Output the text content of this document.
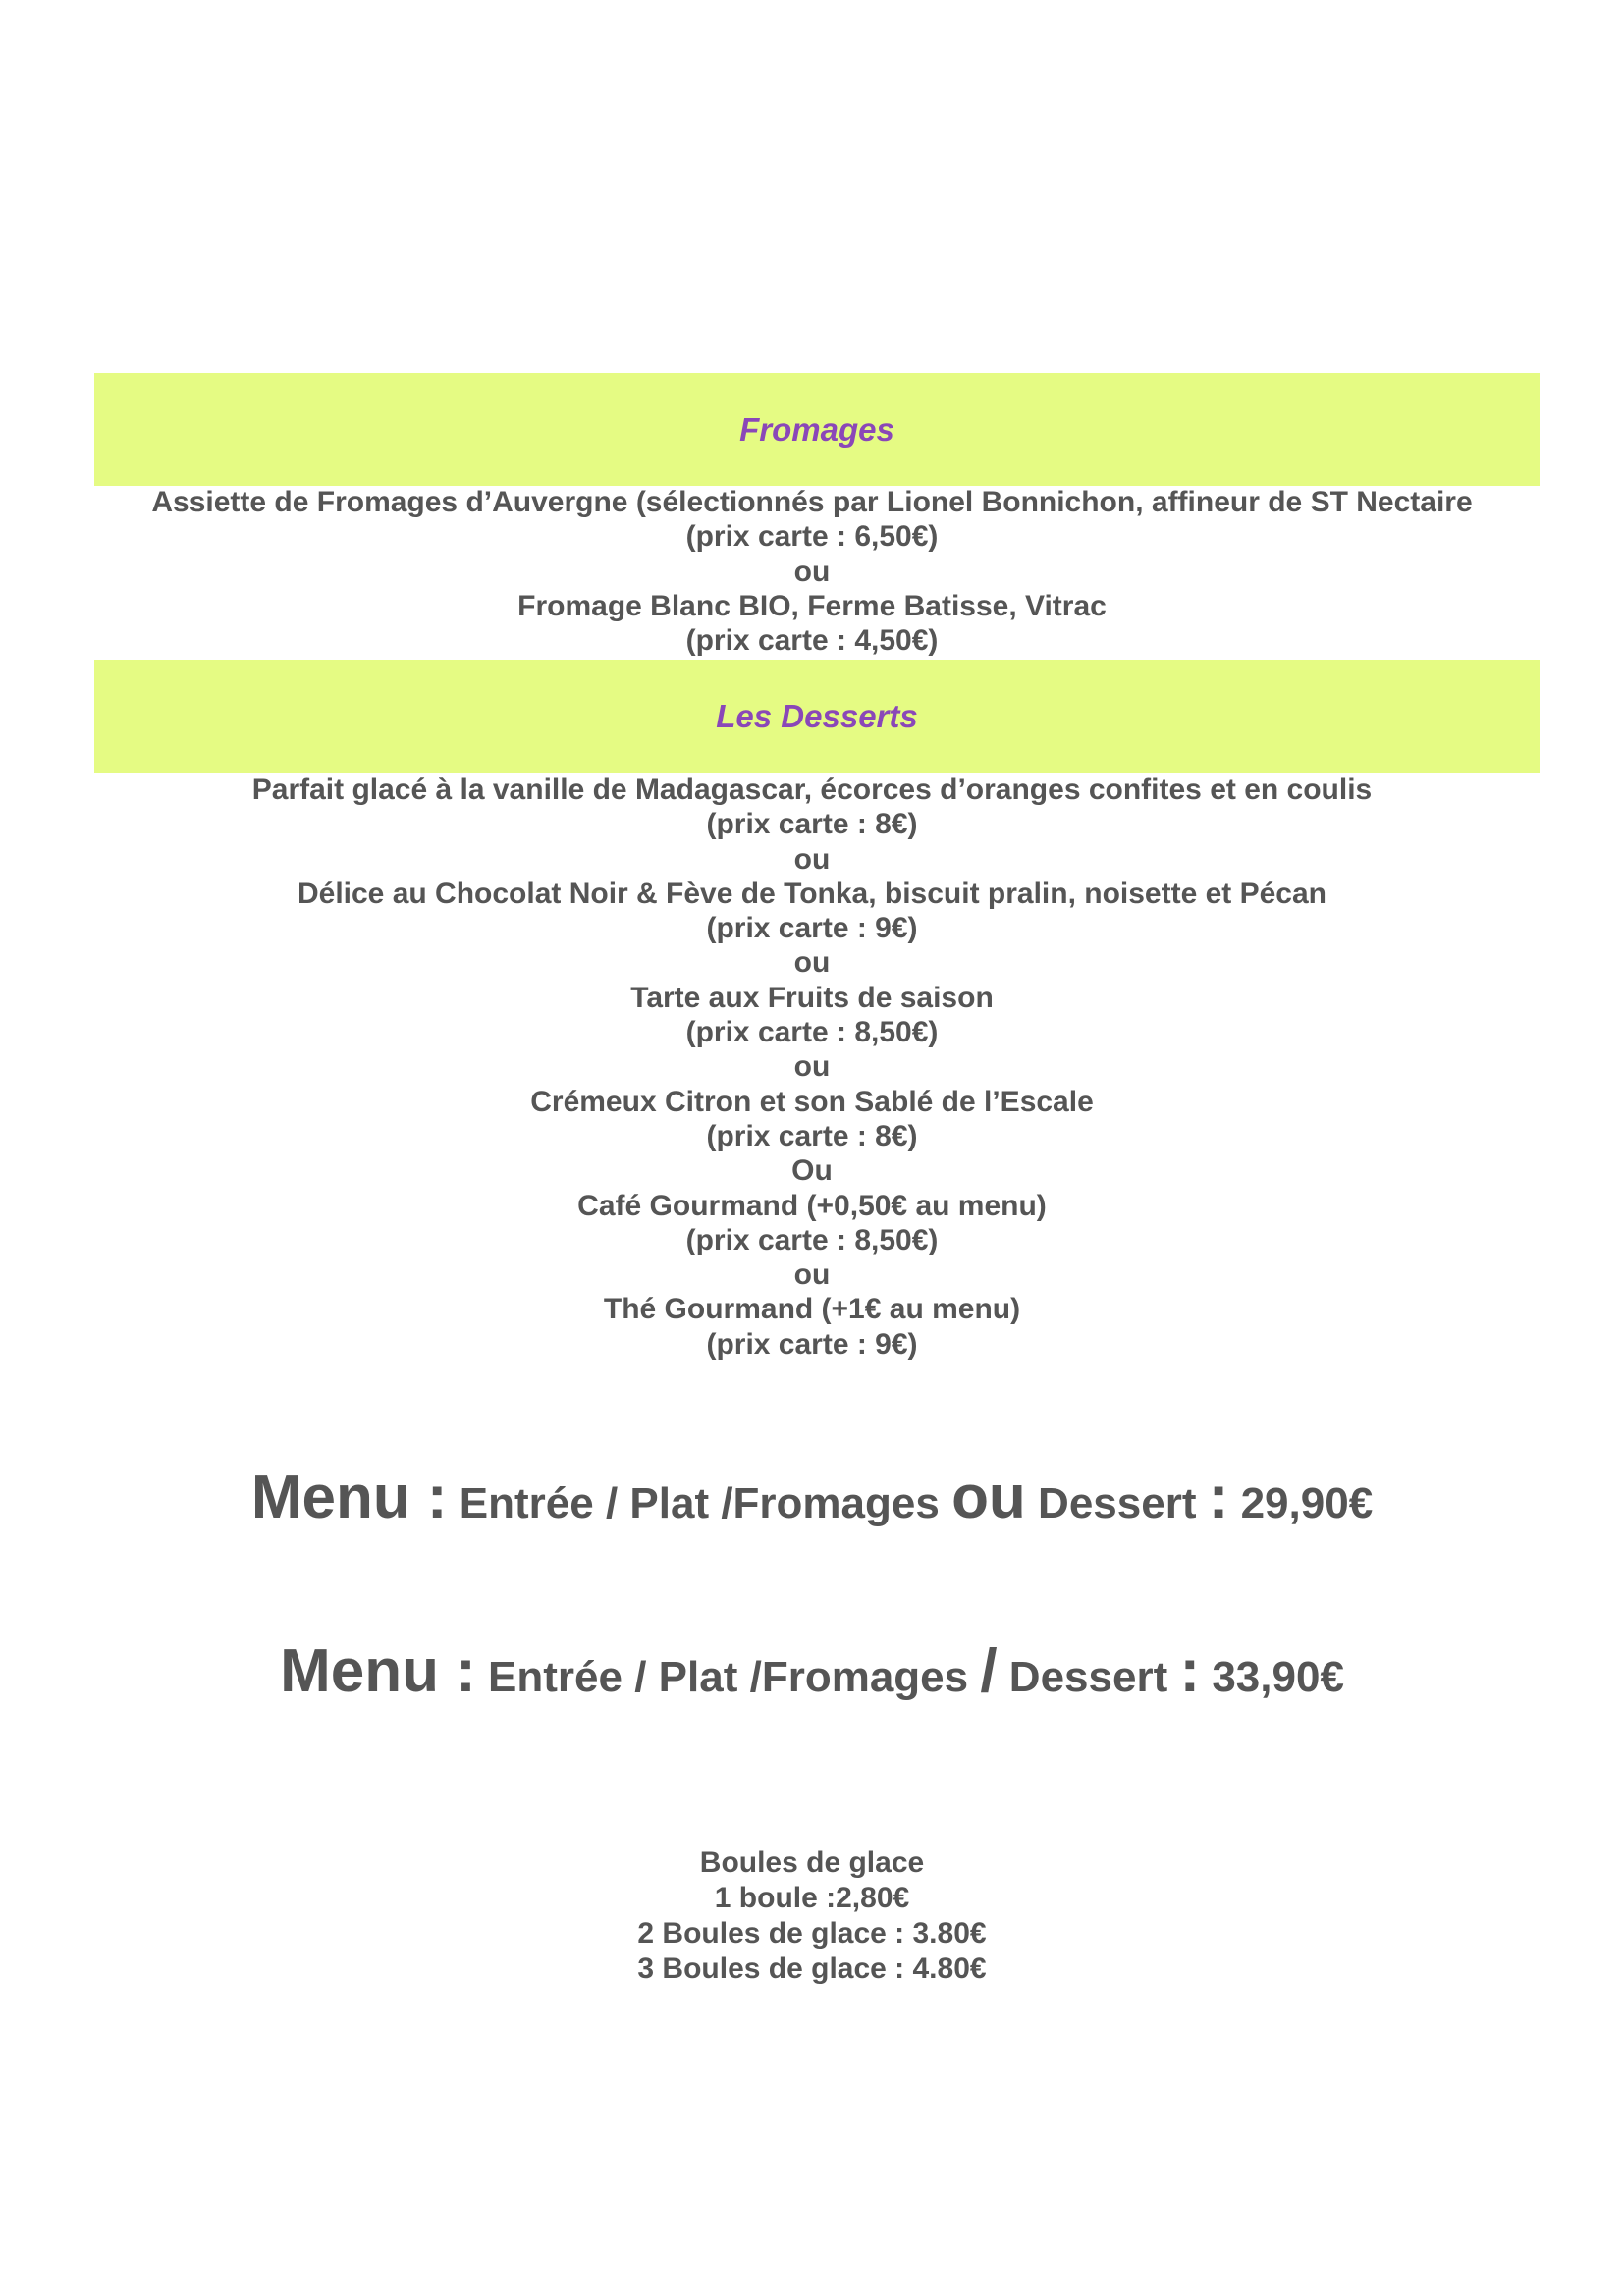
Fromages
Assiette de Fromages d’Auvergne (sélectionnés par Lionel Bonnichon, affineur de ST Nectaire
(prix carte : 6,50€)
ou
Fromage Blanc BIO, Ferme Batisse, Vitrac
(prix carte : 4,50€)
Les Desserts
Parfait glacé à la vanille de Madagascar, écorces d’oranges confites et en coulis
(prix carte : 8€)
ou
Délice au Chocolat Noir & Fève de Tonka, biscuit pralin, noisette et Pécan
(prix carte : 9€)
ou
Tarte aux Fruits de saison
(prix carte : 8,50€)
ou
Crémeux Citron et son Sablé de l’Escale
(prix carte : 8€)
Ou
Café Gourmand (+0,50€ au menu)
(prix carte : 8,50€)
ou
Thé Gourmand (+1€ au menu)
(prix carte : 9€)
Menu : Entrée / Plat /Fromages ou Dessert : 29,90€
Menu : Entrée / Plat /Fromages / Dessert : 33,90€
Boules de glace
1 boule :2,80€
2 Boules de glace : 3.80€
3 Boules de glace : 4.80€
